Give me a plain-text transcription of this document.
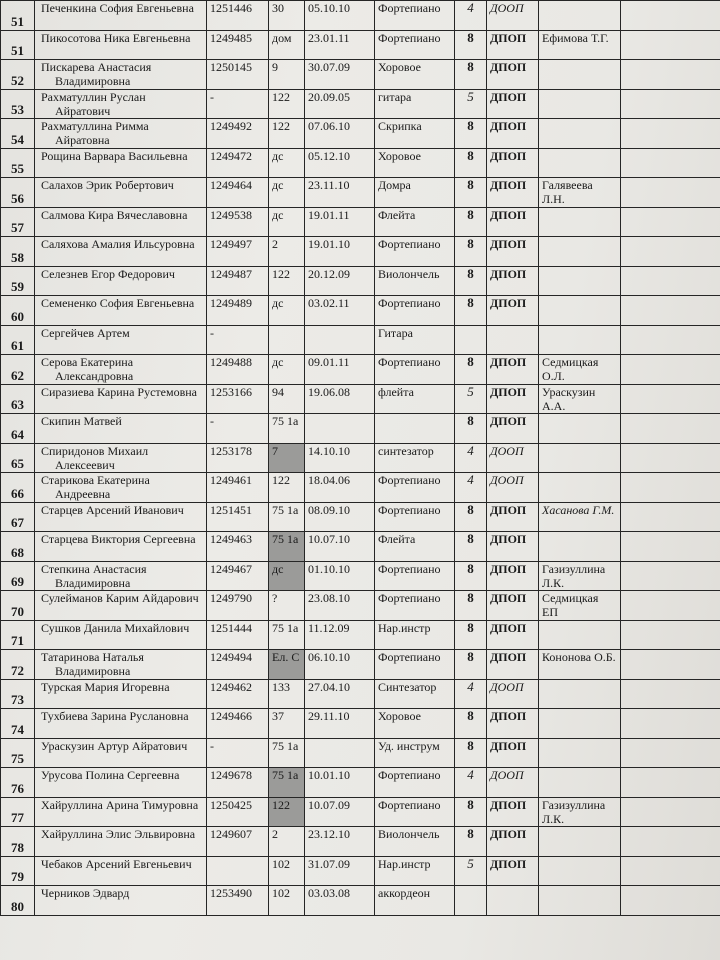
51	Печенкина София Евгеньевна	1251446	30	05.10.10	Фортепиано	4	ДООП		
51	Пикосотова Ника Евгеньевна	1249485	дом	23.01.11	Фортепиано	8	ДПОП	Ефимова Т.Г.	
52	Пискарева Анастасия Владимировна	1250145	9	30.07.09	Хоровое	8	ДПОП		
53	Рахматуллин Руслан Айратович	-	122	20.09.05	гитара	5	ДПОП		
54	Рахматуллина Римма Айратовна	1249492	122	07.06.10	Скрипка	8	ДПОП		
55	Рощина Варвара Васильевна	1249472	дс	05.12.10	Хоровое	8	ДПОП		
56	Салахов Эрик Робертович	1249464	дс	23.11.10	Домра	8	ДПОП	Галявеева Л.Н.	
57	Салмова Кира Вячеславовна	1249538	дс	19.01.11	Флейта	8	ДПОП		
58	Саляхова Амалия Ильсуровна	1249497	2	19.01.10	Фортепиано	8	ДПОП		
59	Селезнев Егор Федорович	1249487	122	20.12.09	Виолончель	8	ДПОП		
60	Семененко София Евгеньевна	1249489	дс	03.02.11	Фортепиано	8	ДПОП		
61	Сергейчев Артем	-			Гитара				
62	Серова Екатерина Александровна	1249488	дс	09.01.11	Фортепиано	8	ДПОП	Седмицкая О.Л.	
63	Сиразиева Карина Рустемовна	1253166	94	19.06.08	флейта	5	ДПОП	Ураскузин А.А.	
64	Скипин Матвей	-	75 1а			8	ДПОП		
65	Спиридонов Михаил Алексеевич	1253178	7	14.10.10	синтезатор	4	ДООП		
66	Старикова Екатерина Андреевна	1249461	122	18.04.06	Фортепиано	4	ДООП		
67	Старцев Арсений Иванович	1251451	75 1а	08.09.10	Фортепиано	8	ДПОП	Хасанова Г.М.	
68	Старцева Виктория Сергеевна	1249463	75 1а	10.07.10	Флейта	8	ДПОП		
69	Степкина Анастасия Владимировна	1249467	дс	01.10.10	Фортепиано	8	ДПОП	Газизуллина Л.К.	
70	Сулейманов Карим Айдарович	1249790	?	23.08.10	Фортепиано	8	ДПОП	Седмицкая ЕП	
71	Сушков Данила Михайлович	1251444	75 1а	11.12.09	Нар.инстр	8	ДПОП		
72	Татаринова Наталья Владимировна	1249494	Ел. С	06.10.10	Фортепиано	8	ДПОП	Кононова О.Б.	
73	Турская Мария Игоревна	1249462	133	27.04.10	Синтезатор	4	ДООП		
74	Тухбиева Зарина Руслановна	1249466	37	29.11.10	Хоровое	8	ДПОП		
75	Ураскузин Артур Айратович	-	75 1а		Уд. инструм	8	ДПОП		
76	Урусова Полина Сергеевна	1249678	75 1а	10.01.10	Фортепиано	4	ДООП		
77	Хайруллина Арина Тимуровна	1250425	122	10.07.09	Фортепиано	8	ДПОП	Газизуллина Л.К.	
78	Хайруллина Элис Эльвировна	1249607	2	23.12.10	Виолончель	8	ДПОП		
79	Чебаков Арсений Евгеньевич		102	31.07.09	Нар.инстр	5	ДПОП		
80	Черников Эдвард	1253490	102	03.03.08	аккордеон				
